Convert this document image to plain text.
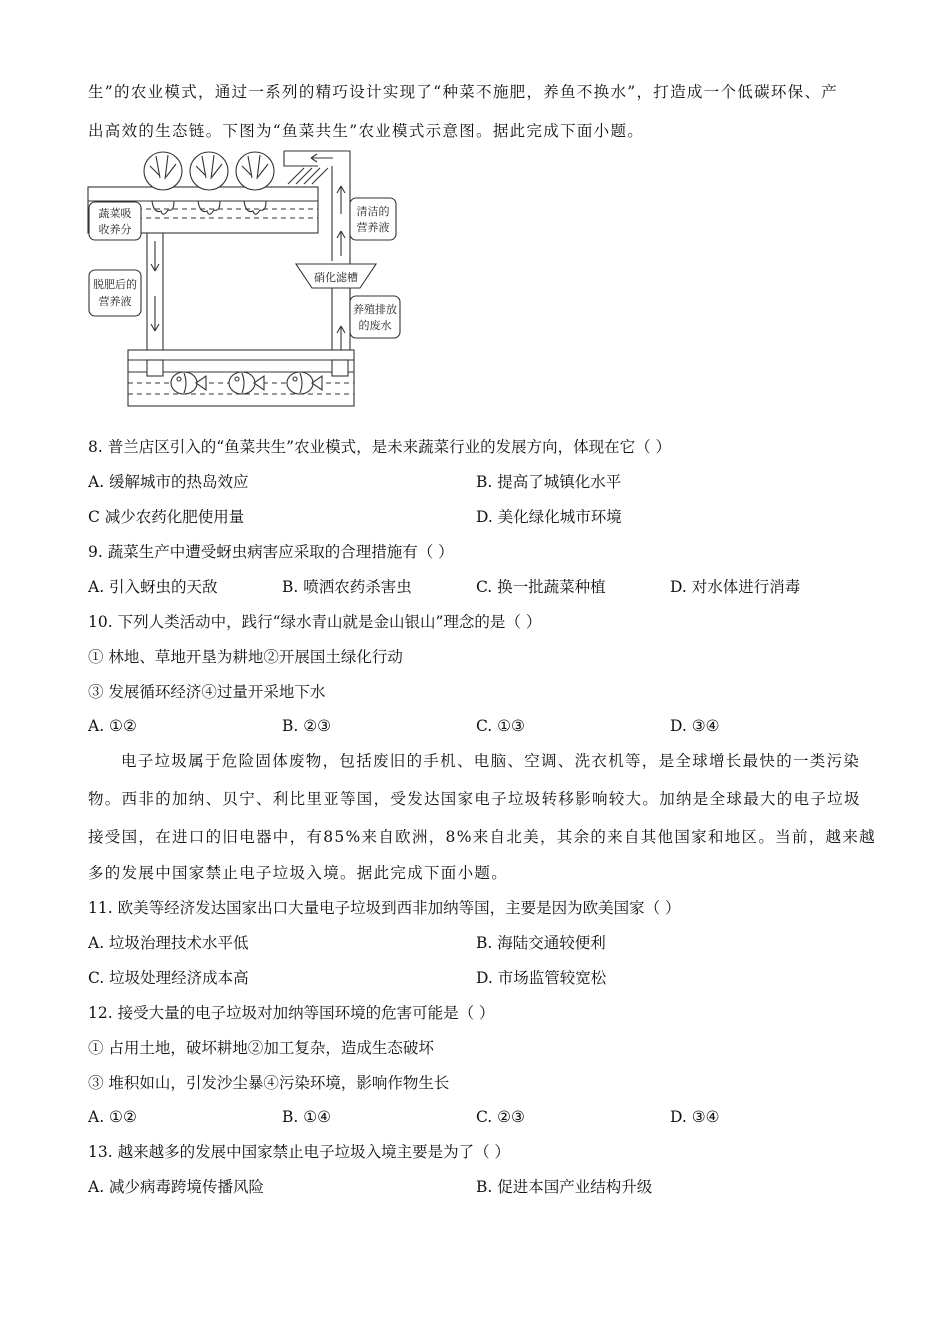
生”的农业模式，通过一系列的精巧设计实现了“种菜不施肥，养鱼不换水”，打造成一个低碳环保、产
出高效的生态链。下图为“鱼菜共生”农业模式示意图。据此完成下面小题。
蔬菜吸
收养分
脱肥后的
营养液
清洁的
营养液
硝化滤槽
养殖排放
的废水
8. 普兰店区引入的“鱼菜共生”农业模式，是未来蔬菜行业的发展方向，体现在它（ ）
A. 缓解城市的热岛效应	B. 提高了城镇化水平
C 减少农药化肥使用量	D. 美化绿化城市环境
9. 蔬菜生产中遭受蚜虫病害应采取的合理措施有（ ）
A. 引入蚜虫的天敌	B. 喷洒农药杀害虫	C. 换一批蔬菜种植	D. 对水体进行消毒
10. 下列人类活动中，践行“绿水青山就是金山银山”理念的是（ ）
① 林地、草地开垦为耕地②开展国土绿化行动
③ 发展循环经济④过量开采地下水
A. ①②	B. ②③	C. ①③	D. ③④
电子垃圾属于危险固体废物，包括废旧的手机、电脑、空调、洗衣机等，是全球增长最快的一类污染
物。西非的加纳、贝宁、利比里亚等国，受发达国家电子垃圾转移影响较大。加纳是全球最大的电子垃圾
接受国，在进口的旧电器中，有85%来自欧洲，8%来自北美，其余的来自其他国家和地区。当前，越来越
多的发展中国家禁止电子垃圾入境。据此完成下面小题。
11. 欧美等经济发达国家出口大量电子垃圾到西非加纳等国，主要是因为欧美国家（ ）
A. 垃圾治理技术水平低	B. 海陆交通较便利
C. 垃圾处理经济成本高	D. 市场监管较宽松
12. 接受大量的电子垃圾对加纳等国环境的危害可能是（ ）
① 占用土地，破坏耕地②加工复杂，造成生态破坏
③ 堆积如山，引发沙尘暴④污染环境，影响作物生长
A. ①②	B. ①④	C. ②③	D. ③④
13. 越来越多的发展中国家禁止电子垃圾入境主要是为了（ ）
A. 减少病毒跨境传播风险	B. 促进本国产业结构升级
